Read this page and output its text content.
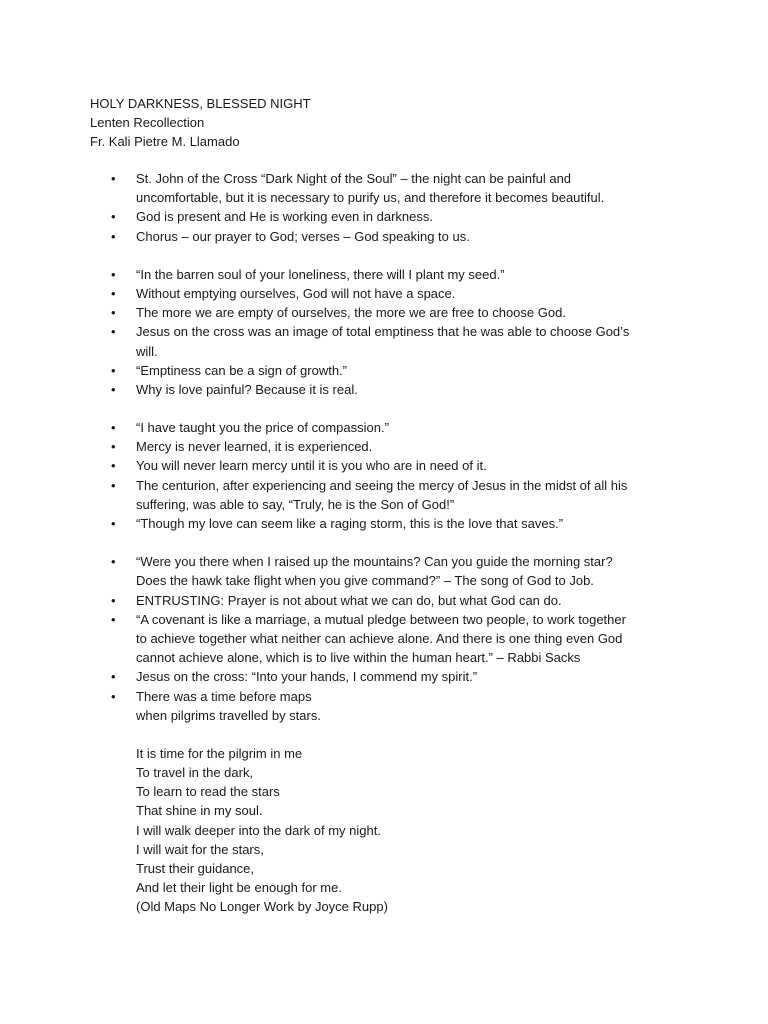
HOLY DARKNESS, BLESSED NIGHT
Lenten Recollection
Fr. Kali Pietre M. Llamado
• St. John of the Cross “Dark Night of the Soul” – the night can be painful and
uncomfortable, but it is necessary to purify us, and therefore it becomes beautiful.
• God is present and He is working even in darkness.
• Chorus – our prayer to God; verses – God speaking to us.
• “In the barren soul of your loneliness, there will I plant my seed.”
• Without emptying ourselves, God will not have a space.
• The more we are empty of ourselves, the more we are free to choose God.
• Jesus on the cross was an image of total emptiness that he was able to choose God’s
will.
• “Emptiness can be a sign of growth.”
• Why is love painful? Because it is real.
• “I have taught you the price of compassion.”
• Mercy is never learned, it is experienced.
• You will never learn mercy until it is you who are in need of it.
• The centurion, after experiencing and seeing the mercy of Jesus in the midst of all his
suffering, was able to say, “Truly, he is the Son of God!”
• “Though my love can seem like a raging storm, this is the love that saves.”
• “Were you there when I raised up the mountains? Can you guide the morning star?
Does the hawk take flight when you give command?” – The song of God to Job.
• ENTRUSTING: Prayer is not about what we can do, but what God can do.
• “A covenant is like a marriage, a mutual pledge between two people, to work together
to achieve together what neither can achieve alone. And there is one thing even God
cannot achieve alone, which is to live within the human heart.” – Rabbi Sacks
• Jesus on the cross: “Into your hands, I commend my spirit.”
• There was a time before maps
when pilgrims travelled by stars.
It is time for the pilgrim in me
To travel in the dark,
To learn to read the stars
That shine in my soul.
I will walk deeper into the dark of my night.
I will wait for the stars,
Trust their guidance,
And let their light be enough for me.
(Old Maps No Longer Work by Joyce Rupp)
